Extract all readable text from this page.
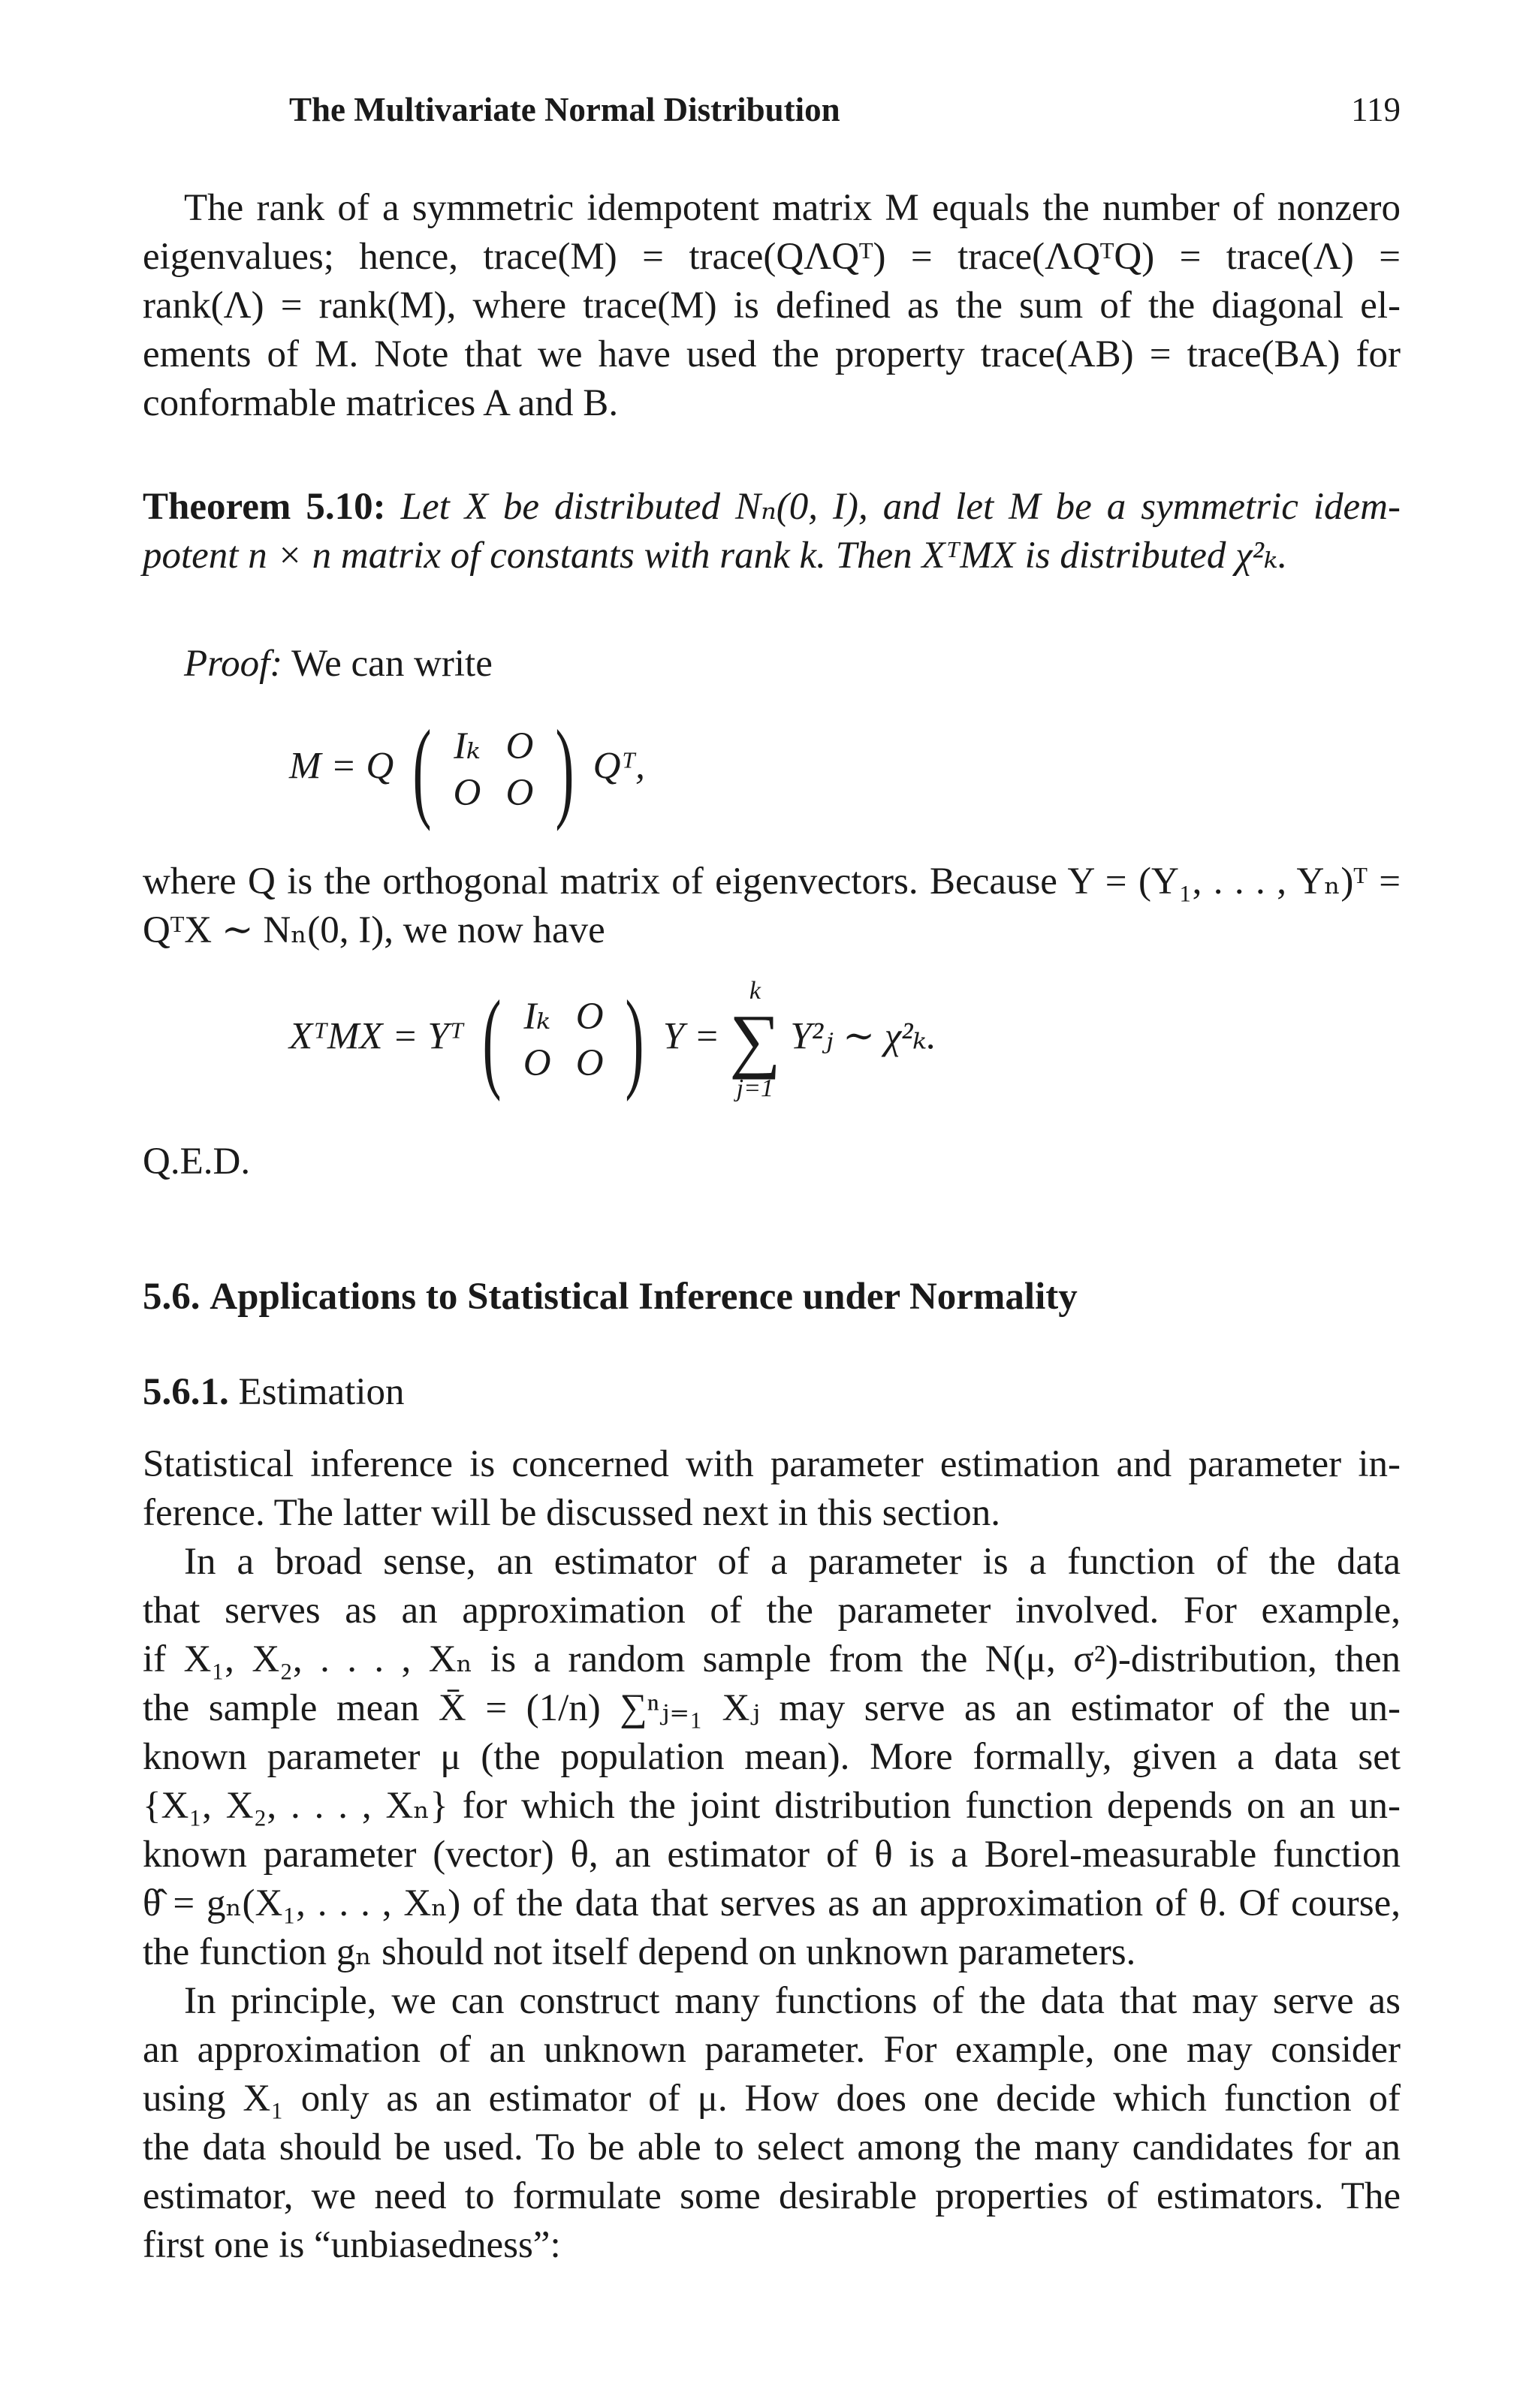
The Multivariate Normal Distribution	119
The rank of a symmetric idempotent matrix M equals the number of nonzero
eigenvalues; hence, trace(M) = trace(QΛQᵀ) = trace(ΛQᵀQ) = trace(Λ) =
rank(Λ) = rank(M), where trace(M) is defined as the sum of the diagonal el-
ements of M. Note that we have used the property trace(AB) = trace(BA) for
conformable matrices A and B.
Theorem 5.10: Let X be distributed Nₙ(0, I), and let M be a symmetric idem-
potent n × n matrix of constants with rank k. Then XᵀMX is distributed χ²ₖ.
Proof: We can write
M = Q ( Iₖ O
O O ) Qᵀ,
where Q is the orthogonal matrix of eigenvectors. Because Y = (Y₁, . . . , Yₙ)ᵀ =
QᵀX ∼ Nₙ(0, I), we now have
XᵀMX = Yᵀ ( Iₖ O
O O ) Y =
k
∑
j=1
Y²ⱼ ∼ χ²ₖ.
Q.E.D.
5.6. Applications to Statistical Inference under Normality
5.6.1. Estimation
Statistical inference is concerned with parameter estimation and parameter in-
ference. The latter will be discussed next in this section.
In a broad sense, an estimator of a parameter is a function of the data
that serves as an approximation of the parameter involved. For example,
if X₁, X₂, . . . , Xₙ is a random sample from the N(μ, σ²)-distribution, then
the sample mean X̄ = (1/n) ∑ⁿⱼ₌₁ Xⱼ may serve as an estimator of the un-
known parameter μ (the population mean). More formally, given a data set
{X₁, X₂, . . . , Xₙ} for which the joint distribution function depends on an un-
known parameter (vector) θ, an estimator of θ is a Borel-measurable function
θ̂ = gₙ(X₁, . . . , Xₙ) of the data that serves as an approximation of θ. Of course,
the function gₙ should not itself depend on unknown parameters.
In principle, we can construct many functions of the data that may serve as
an approximation of an unknown parameter. For example, one may consider
using X₁ only as an estimator of μ. How does one decide which function of
the data should be used. To be able to select among the many candidates for an
estimator, we need to formulate some desirable properties of estimators. The
first one is “unbiasedness”:
